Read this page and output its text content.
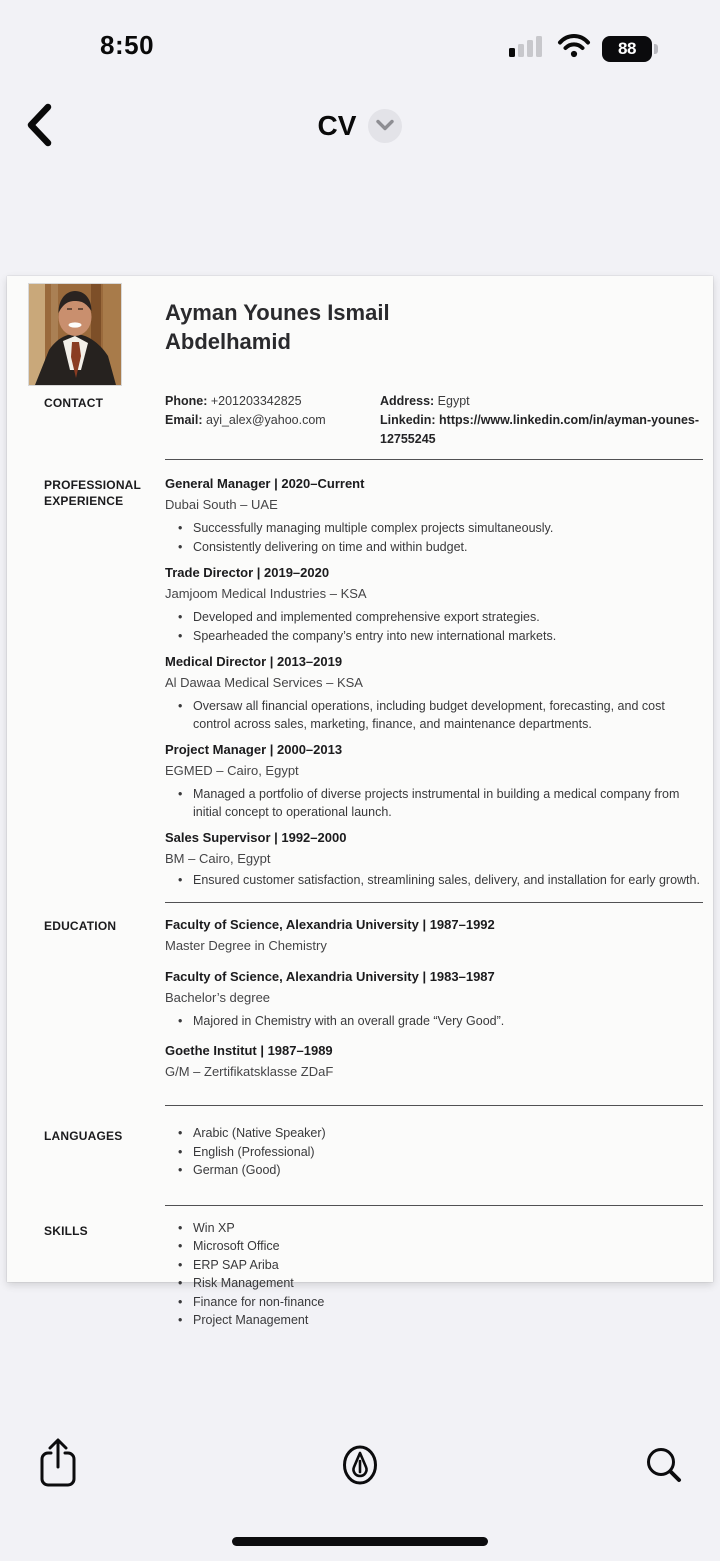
8:50	88
CV
Ayman Younes Ismail Abdelhamid
CONTACT	Phone: +201203342825
Email: ayi_alex@yahoo.com
Address: Egypt
Linkedin: https://www.linkedin.com/in/ayman-younes-12755245
PROFESSIONAL EXPERIENCE
General Manager | 2020–Current
Dubai South – UAE
• Successfully managing multiple complex projects simultaneously.
• Consistently delivering on time and within budget.
Trade Director | 2019–2020
Jamjoom Medical Industries – KSA
• Developed and implemented comprehensive export strategies.
• Spearheaded the company’s entry into new international markets.
Medical Director | 2013–2019
Al Dawaa Medical Services – KSA
• Oversaw all financial operations, including budget development, forecasting, and cost control across sales, marketing, finance, and maintenance departments.
Project Manager | 2000–2013
EGMED – Cairo, Egypt
• Managed a portfolio of diverse projects instrumental in building a medical company from initial concept to operational launch.
Sales Supervisor | 1992–2000
BM – Cairo, Egypt
• Ensured customer satisfaction, streamlining sales, delivery, and installation for early growth.
EDUCATION	Faculty of Science, Alexandria University | 1987–1992
Master Degree in Chemistry
Faculty of Science, Alexandria University | 1983–1987
Bachelor’s degree
• Majored in Chemistry with an overall grade “Very Good”.
Goethe Institut | 1987–1989
G/M – Zertifikatsklasse ZDaF
LANGUAGES	• Arabic (Native Speaker)
• English (Professional)
• German (Good)
SKILLS	• Win XP
• Microsoft Office
• ERP SAP Ariba
• Risk Management
• Finance for non-finance
• Project Management
